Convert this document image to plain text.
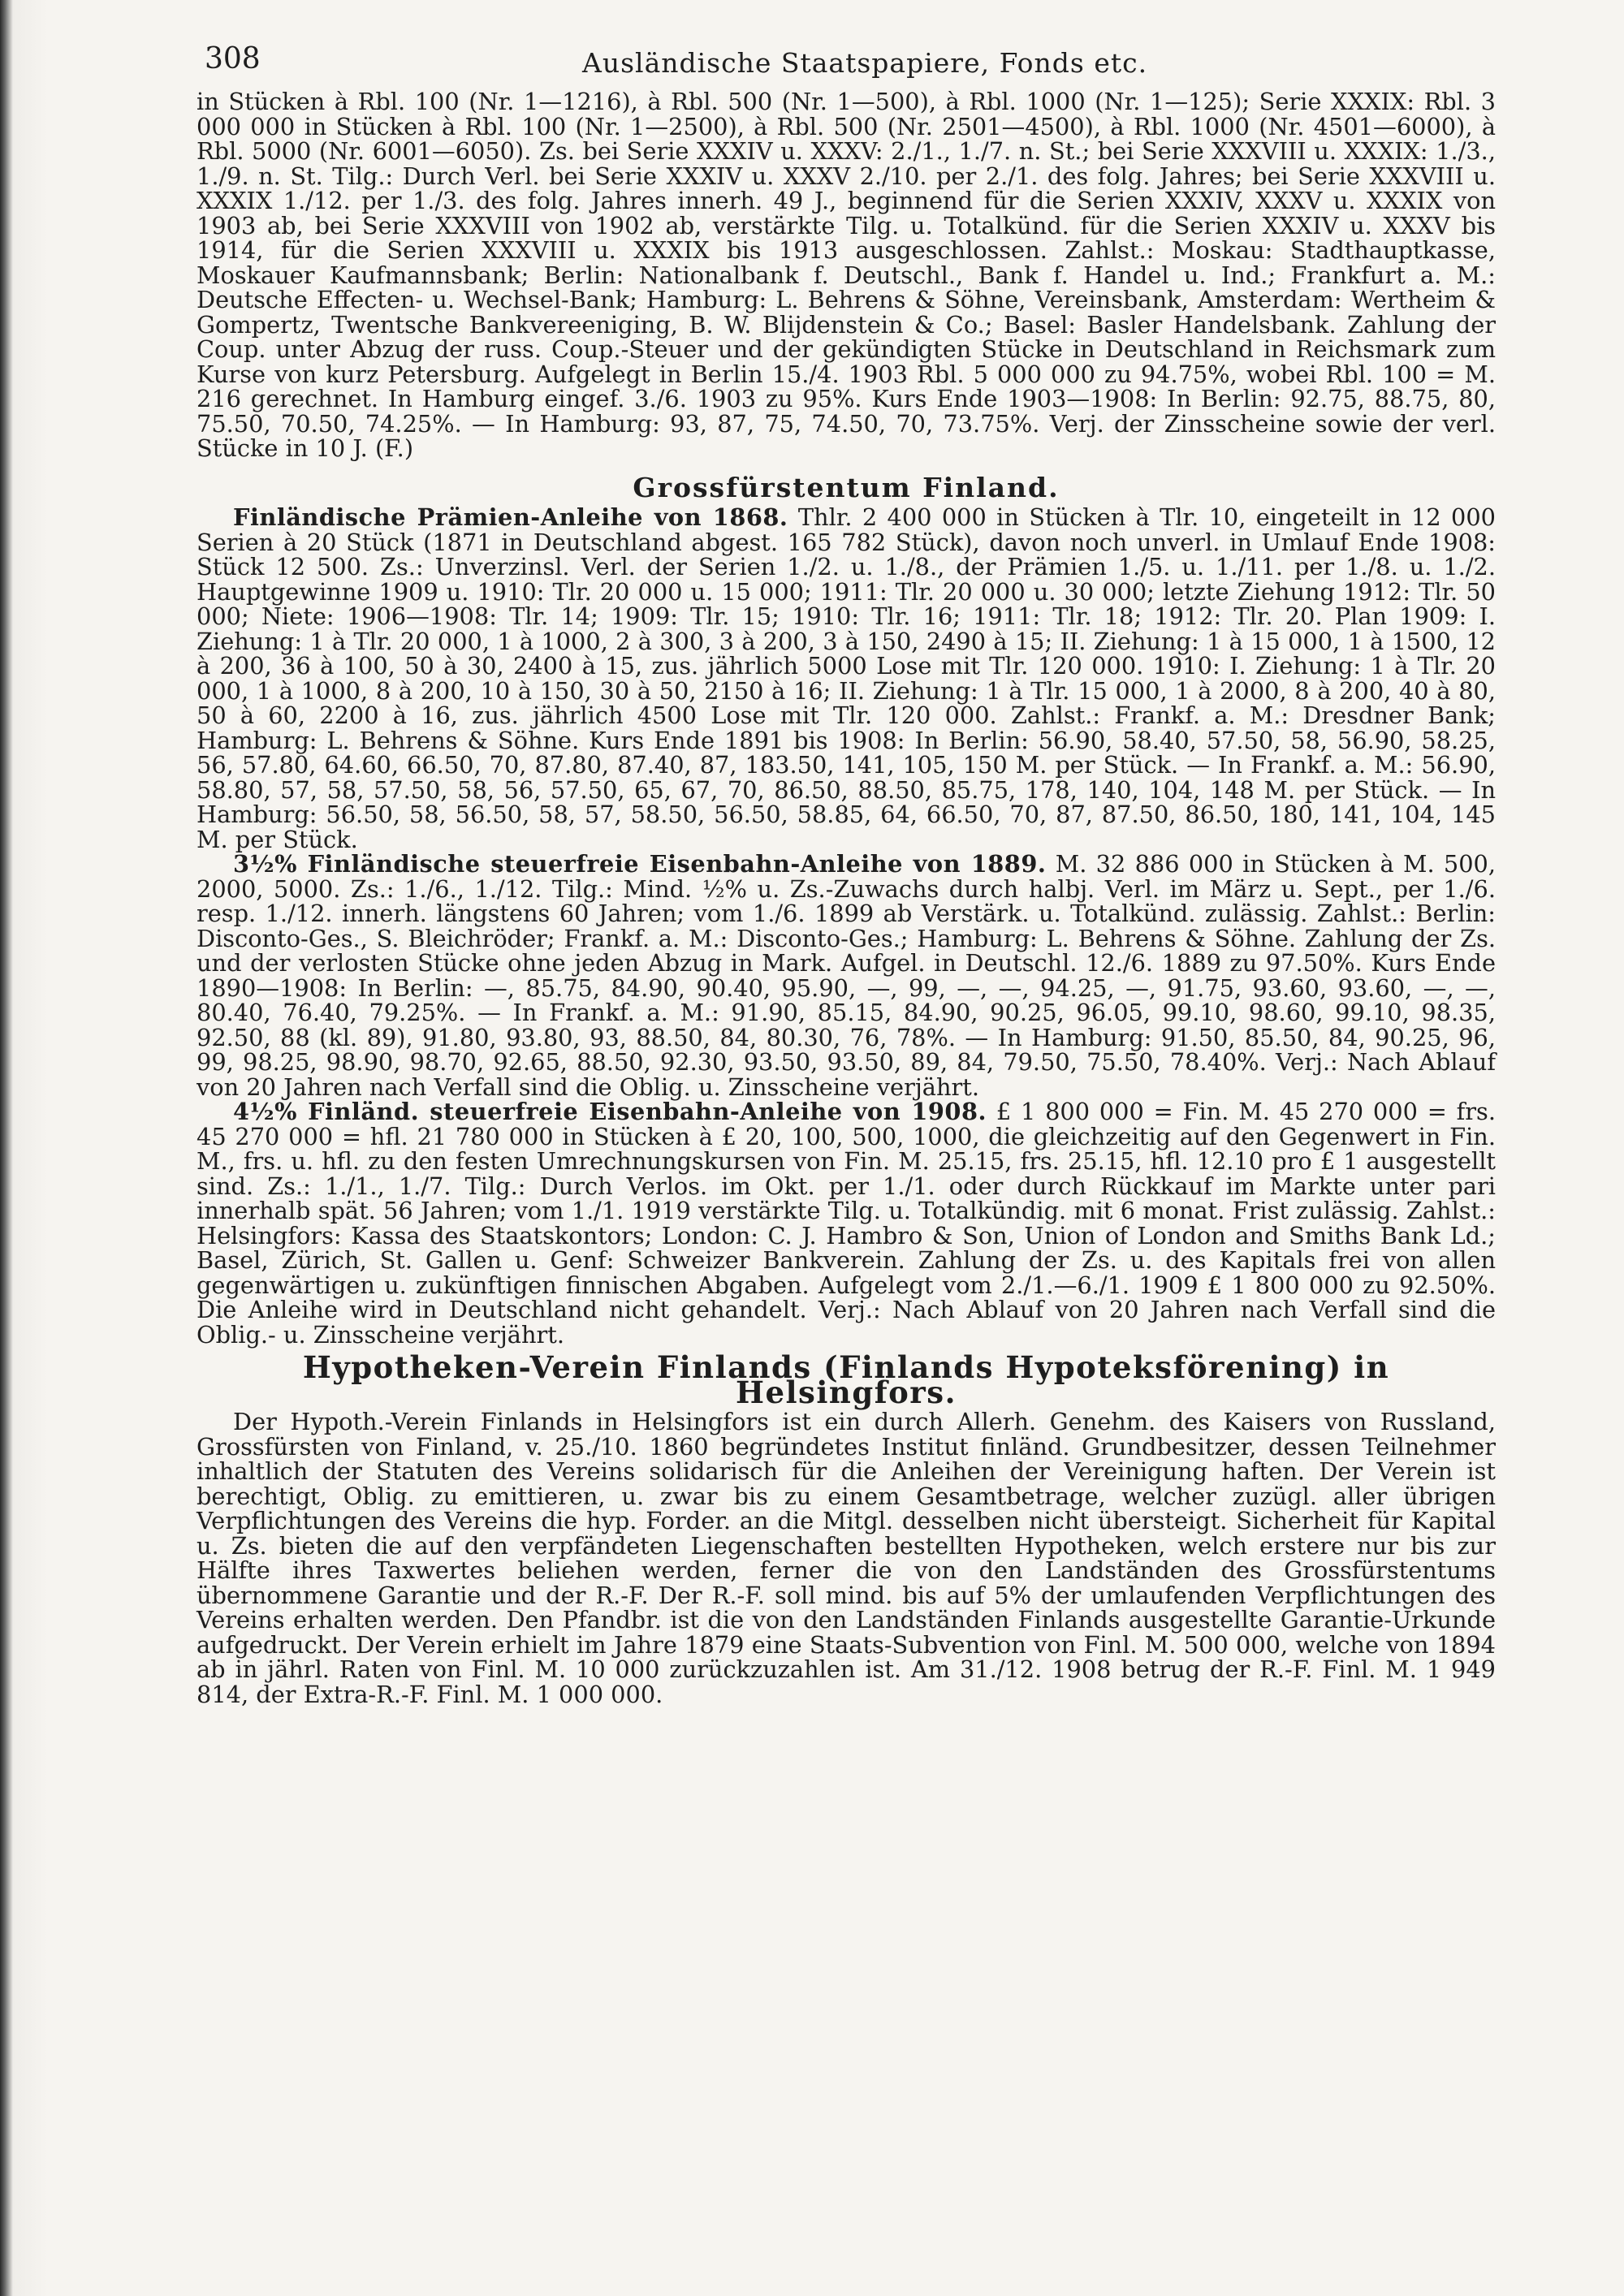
308	Ausländische Staatspapiere, Fonds etc.

in Stücken à Rbl. 100 (Nr. 1—1216), à Rbl. 500 (Nr. 1—500), à Rbl. 1000 (Nr. 1—125); Serie XXXIX: Rbl. 3 000 000 in Stücken à Rbl. 100 (Nr. 1—2500), à Rbl. 500 (Nr. 2501—4500), à Rbl. 1000 (Nr. 4501—6000), à Rbl. 5000 (Nr. 6001—6050). Zs. bei Serie XXXIV u. XXXV: 2./1., 1./7. n. St.; bei Serie XXXVIII u. XXXIX: 1./3., 1./9. n. St. Tilg.: Durch Verl. bei Serie XXXIV u. XXXV 2./10. per 2./1. des folg. Jahres; bei Serie XXXVIII u. XXXIX 1./12. per 1./3. des folg. Jahres innerh. 49 J., beginnend für die Serien XXXIV, XXXV u. XXXIX von 1903 ab, bei Serie XXXVIII von 1902 ab, verstärkte Tilg. u. Totalkünd. für die Serien XXXIV u. XXXV bis 1914, für die Serien XXXVIII u. XXXIX bis 1913 ausgeschlossen. Zahlst.: Moskau: Stadthauptkasse, Moskauer Kaufmannsbank; Berlin: Nationalbank f. Deutschl., Bank f. Handel u. Ind.; Frankfurt a. M.: Deutsche Effecten- u. Wechsel-Bank; Hamburg: L. Behrens & Söhne, Vereinsbank, Amsterdam: Wertheim & Gompertz, Twentsche Bankvereeniging, B. W. Blijdenstein & Co.; Basel: Basler Handelsbank. Zahlung der Coup. unter Abzug der russ. Coup.-Steuer und der gekündigten Stücke in Deutschland in Reichsmark zum Kurse von kurz Petersburg. Aufgelegt in Berlin 15./4. 1903 Rbl. 5 000 000 zu 94.75%, wobei Rbl. 100 = M. 216 gerechnet. In Hamburg eingef. 3./6. 1903 zu 95%. Kurs Ende 1903—1908: In Berlin: 92.75, 88.75, 80, 75.50, 70.50, 74.25%. — In Hamburg: 93, 87, 75, 74.50, 70, 73.75%. Verj. der Zinsscheine sowie der verl. Stücke in 10 J. (F.)

Grossfürstentum Finland.

Finländische Prämien-Anleihe von 1868. Thlr. 2 400 000 in Stücken à Tlr. 10, eingeteilt in 12 000 Serien à 20 Stück (1871 in Deutschland abgest. 165 782 Stück), davon noch unverl. in Umlauf Ende 1908: Stück 12 500. Zs.: Unverzinsl. Verl. der Serien 1./2. u. 1./8., der Prämien 1./5. u. 1./11. per 1./8. u. 1./2. Hauptgewinne 1909 u. 1910: Tlr. 20 000 u. 15 000; 1911: Tlr. 20 000 u. 30 000; letzte Ziehung 1912: Tlr. 50 000; Niete: 1906—1908: Tlr. 14; 1909: Tlr. 15; 1910: Tlr. 16; 1911: Tlr. 18; 1912: Tlr. 20. Plan 1909: I. Ziehung: 1 à Tlr. 20 000, 1 à 1000, 2 à 300, 3 à 200, 3 à 150, 2490 à 15; II. Ziehung: 1 à 15 000, 1 à 1500, 12 à 200, 36 à 100, 50 à 30, 2400 à 15, zus. jährlich 5000 Lose mit Tlr. 120 000. 1910: I. Ziehung: 1 à Tlr. 20 000, 1 à 1000, 8 à 200, 10 à 150, 30 à 50, 2150 à 16; II. Ziehung: 1 à Tlr. 15 000, 1 à 2000, 8 à 200, 40 à 80, 50 à 60, 2200 à 16, zus. jährlich 4500 Lose mit Tlr. 120 000. Zahlst.: Frankf. a. M.: Dresdner Bank; Hamburg: L. Behrens & Söhne. Kurs Ende 1891 bis 1908: In Berlin: 56.90, 58.40, 57.50, 58, 56.90, 58.25, 56, 57.80, 64.60, 66.50, 70, 87.80, 87.40, 87, 183.50, 141, 105, 150 M. per Stück. — In Frankf. a. M.: 56.90, 58.80, 57, 58, 57.50, 58, 56, 57.50, 65, 67, 70, 86.50, 88.50, 85.75, 178, 140, 104, 148 M. per Stück. — In Hamburg: 56.50, 58, 56.50, 58, 57, 58.50, 56.50, 58.85, 64, 66.50, 70, 87, 87.50, 86.50, 180, 141, 104, 145 M. per Stück.

3½% Finländische steuerfreie Eisenbahn-Anleihe von 1889. M. 32 886 000 in Stücken à M. 500, 2000, 5000. Zs.: 1./6., 1./12. Tilg.: Mind. ½% u. Zs.-Zuwachs durch halbj. Verl. im März u. Sept., per 1./6. resp. 1./12. innerh. längstens 60 Jahren; vom 1./6. 1899 ab Verstärk. u. Totalkünd. zulässig. Zahlst.: Berlin: Disconto-Ges., S. Bleichröder; Frankf. a. M.: Disconto-Ges.; Hamburg: L. Behrens & Söhne. Zahlung der Zs. und der verlosten Stücke ohne jeden Abzug in Mark. Aufgel. in Deutschl. 12./6. 1889 zu 97.50%. Kurs Ende 1890—1908: In Berlin: —, 85.75, 84.90, 90.40, 95.90, —, 99, —, —, 94.25, —, 91.75, 93.60, 93.60, —, —, 80.40, 76.40, 79.25%. — In Frankf. a. M.: 91.90, 85.15, 84.90, 90.25, 96.05, 99.10, 98.60, 99.10, 98.35, 92.50, 88 (kl. 89), 91.80, 93.80, 93, 88.50, 84, 80.30, 76, 78%. — In Hamburg: 91.50, 85.50, 84, 90.25, 96, 99, 98.25, 98.90, 98.70, 92.65, 88.50, 92.30, 93.50, 93.50, 89, 84, 79.50, 75.50, 78.40%. Verj.: Nach Ablauf von 20 Jahren nach Verfall sind die Oblig. u. Zinsscheine verjährt.

4½% Finländ. steuerfreie Eisenbahn-Anleihe von 1908. £ 1 800 000 = Fin. M. 45 270 000 = frs. 45 270 000 = hfl. 21 780 000 in Stücken à £ 20, 100, 500, 1000, die gleichzeitig auf den Gegenwert in Fin. M., frs. u. hfl. zu den festen Umrechnungskursen von Fin. M. 25.15, frs. 25.15, hfl. 12.10 pro £ 1 ausgestellt sind. Zs.: 1./1., 1./7. Tilg.: Durch Verlos. im Okt. per 1./1. oder durch Rückkauf im Markte unter pari innerhalb spät. 56 Jahren; vom 1./1. 1919 verstärkte Tilg. u. Totalkündig. mit 6 monat. Frist zulässig. Zahlst.: Helsingfors: Kassa des Staatskontors; London: C. J. Hambro & Son, Union of London and Smiths Bank Ld.; Basel, Zürich, St. Gallen u. Genf: Schweizer Bankverein. Zahlung der Zs. u. des Kapitals frei von allen gegenwärtigen u. zukünftigen finnischen Abgaben. Aufgelegt vom 2./1.—6./1. 1909 £ 1 800 000 zu 92.50%. Die Anleihe wird in Deutschland nicht gehandelt. Verj.: Nach Ablauf von 20 Jahren nach Verfall sind die Oblig.- u. Zinsscheine verjährt.

Hypotheken-Verein Finlands (Finlands Hypoteksförening) in Helsingfors.

Der Hypoth.-Verein Finlands in Helsingfors ist ein durch Allerh. Genehm. des Kaisers von Russland, Grossfürsten von Finland, v. 25./10. 1860 begründetes Institut finländ. Grundbesitzer, dessen Teilnehmer inhaltlich der Statuten des Vereins solidarisch für die Anleihen der Vereinigung haften. Der Verein ist berechtigt, Oblig. zu emittieren, u. zwar bis zu einem Gesamtbetrage, welcher zuzügl. aller übrigen Verpflichtungen des Vereins die hyp. Forder. an die Mitgl. desselben nicht übersteigt. Sicherheit für Kapital u. Zs. bieten die auf den verpfändeten Liegenschaften bestellten Hypotheken, welch erstere nur bis zur Hälfte ihres Taxwertes beliehen werden, ferner die von den Landständen des Grossfürstentums übernommene Garantie und der R.-F. Der R.-F. soll mind. bis auf 5% der umlaufenden Verpflichtungen des Vereins erhalten werden. Den Pfandbr. ist die von den Landständen Finlands ausgestellte Garantie-Urkunde aufgedruckt. Der Verein erhielt im Jahre 1879 eine Staats-Subvention von Finl. M. 500 000, welche von 1894 ab in jährl. Raten von Finl. M. 10 000 zurückzuzahlen ist. Am 31./12. 1908 betrug der R.-F. Finl. M. 1 949 814, der Extra-R.-F. Finl. M. 1 000 000.
